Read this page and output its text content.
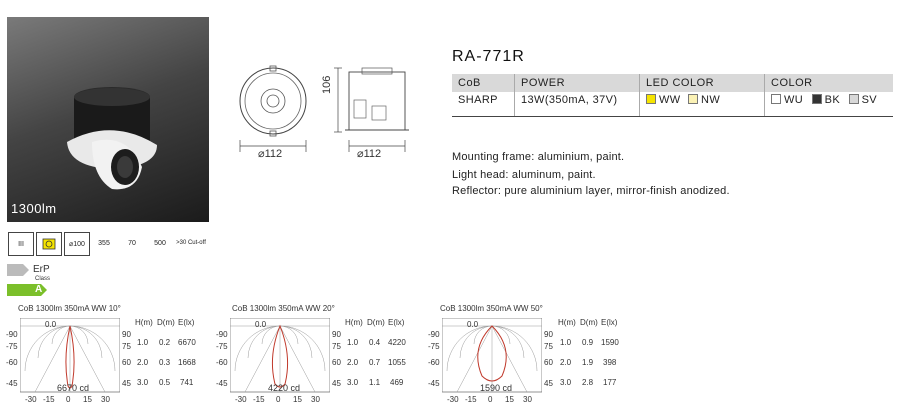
1300lm
⌀112
106
⌀112
RA-771R
CoB	POWER	LED COLOR	COLOR
SHARP	13W(350mA, 37V)	WW NW	WU BK SV
Mounting frame: aluminium, paint.
Light head: aluminum, paint.
Reflector: pure aluminium layer, mirror-finish anodized.
III	⌀100 355	70	500 >30 Cut-off
ErP
Class
A
CoB 1300lm 350mA WW 10°
0.0
-90
-75
-60
-45
90
75
60
45
6670 cd
-30 -15 0 15 30
H(m) D(m) E(lx)
1.0 0.2 6670
2.0 0.3 1668
3.0 0.5 741
CoB 1300lm 350mA WW 20°
0.0
-90
-75
-60
-45
90
75
60
45
4220 cd
-30 -15 0 15 30
H(m) D(m) E(lx)
1.0 0.4 4220
2.0 0.7 1055
3.0 1.1 469
CoB 1300lm 350mA WW 50°
0.0
-90
-75
-60
-45
90
75
60
45
1590 cd
-30 -15 0 15 30
H(m) D(m) E(lx)
1.0 0.9 1590
2.0 1.9 398
3.0 2.8 177
